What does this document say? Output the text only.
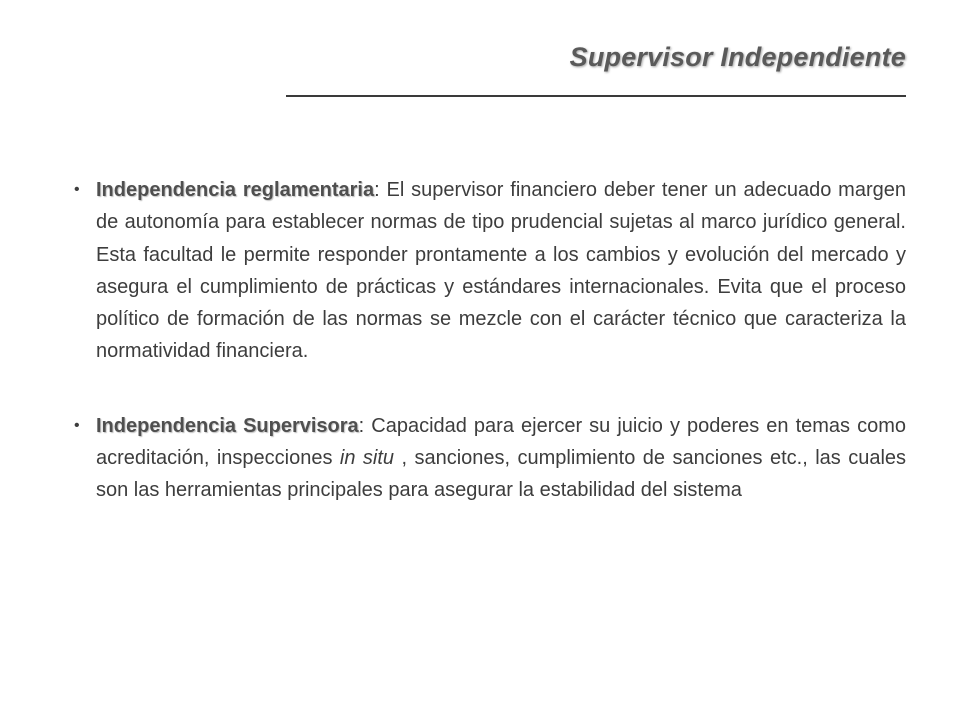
Supervisor Independiente
• Independencia reglamentaria: El supervisor financiero deber tener un adecuado margen de autonomía para establecer normas de tipo prudencial sujetas al marco jurídico general. Esta facultad le permite responder prontamente a los cambios y evolución del mercado y asegura el cumplimiento de prácticas y estándares internacionales. Evita que el proceso político de formación de las normas se mezcle con el carácter técnico que caracteriza la normatividad financiera.
• Independencia Supervisora: Capacidad para ejercer su juicio y poderes en temas como acreditación, inspecciones in situ , sanciones, cumplimiento de sanciones etc., las cuales son las herramientas principales para asegurar la estabilidad del sistema
